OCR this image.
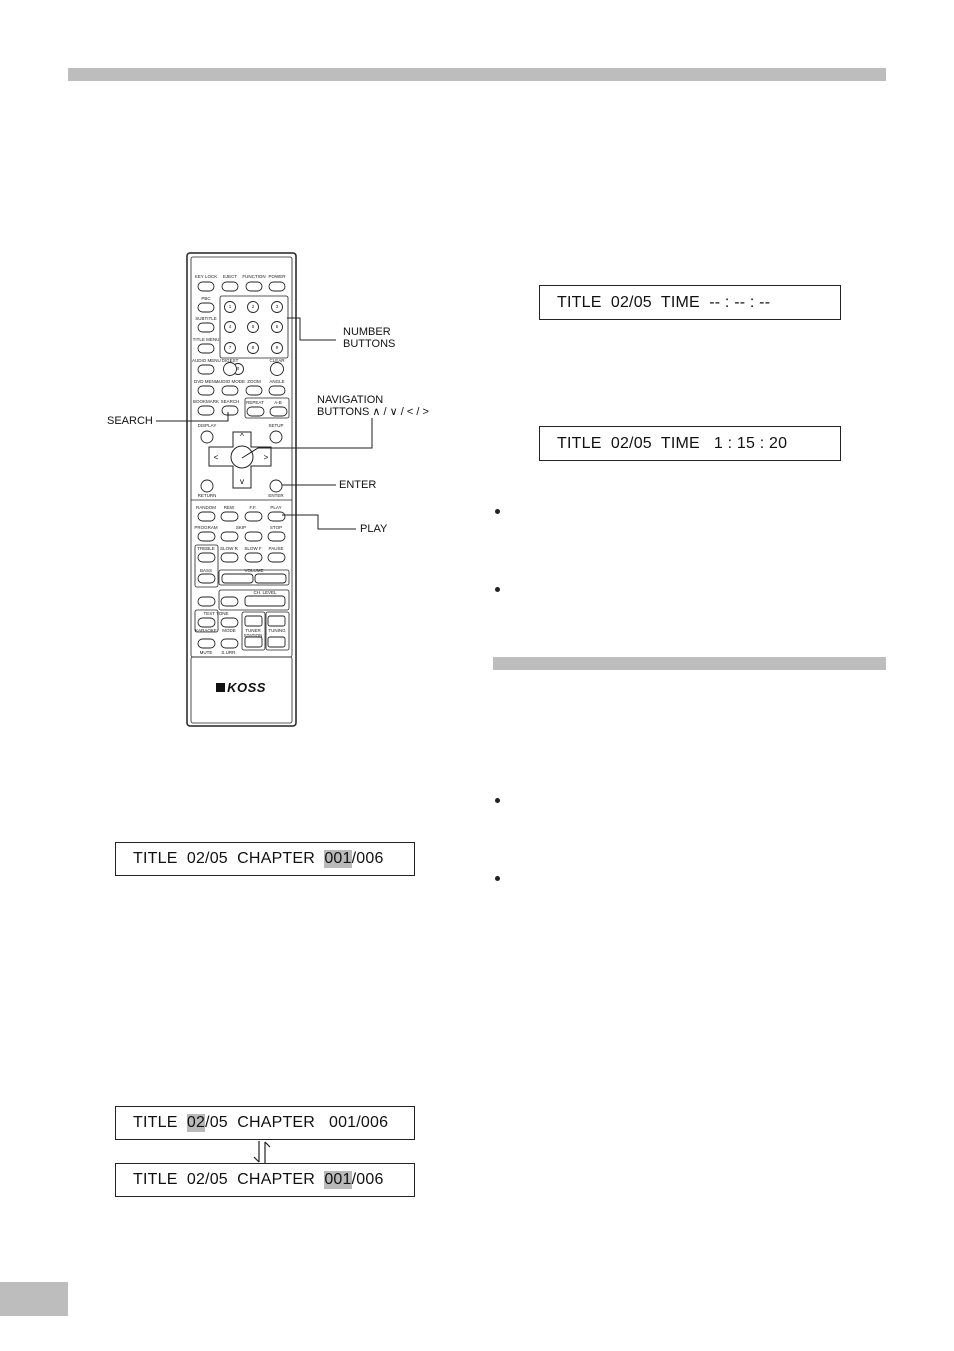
^
v
<	>
KOSS
KEY LOCK	EJECT	FUNCTION POWER
PBC
SUBTITLE
TITLE MENU
AUDIO MENU DIGEST	CLEAR
DVD MENU
AUDIO MODE ZOOM	ANGLE
BOOKMARK SEARCH	REPEAT	A-B
DISPLAY	SETUP
RETURN	ENTER
RANDOM	REW	F.F.	PLAY
PROGRAM	SKIP	STOP
TREBLE	SLOW R	SLOW F	PAUSE
BASS	VOLUME
CH. LEVEL
TEST TONE
KARAOKE	MODE	TUNER STATION
TUNING
MUTE	S.URR.
1	2	3
4	5	6
7	8	9
0
NUMBER
BUTTONS
NAVIGATION
BUTTONS ∧ / ∨ / < / >
SEARCH
ENTER
PLAY
TITLE  02/05  TIME  -- : -- : --
TITLE  02/05  TIME   1 : 15 : 20
TITLE  02/05  CHAPTER 001 /006
TITLE 02 /05  CHAPTER   001/006
TITLE  02/05  CHAPTER 001 /006
